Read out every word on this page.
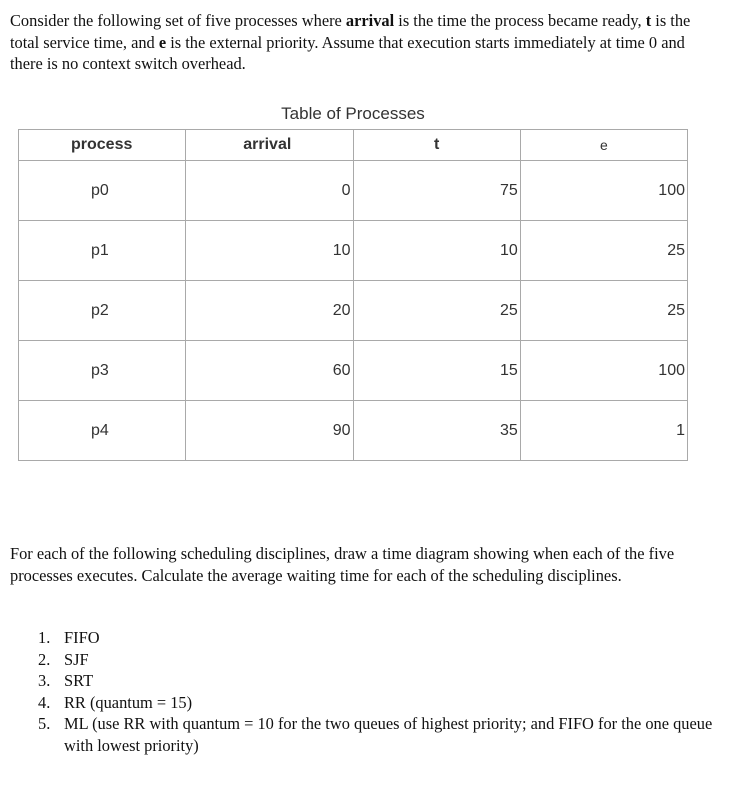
Consider the following set of five processes where arrival is the time the process became ready, t is the total service time, and e is the external priority. Assume that execution starts immediately at time 0 and there is no context switch overhead.
Table of Processes
process	arrival	t	e
p0	0	75	100
p1	10	10	25
p2	20	25	25
p3	60	15	100
p4	90	35	1
For each of the following scheduling disciplines, draw a time diagram showing when each of the five processes executes. Calculate the average waiting time for each of the scheduling disciplines.
1. FIFO
2. SJF
3. SRT
4. RR (quantum = 15)
5. ML (use RR with quantum = 10 for the two queues of highest priority; and FIFO for the one queue with lowest priority)
